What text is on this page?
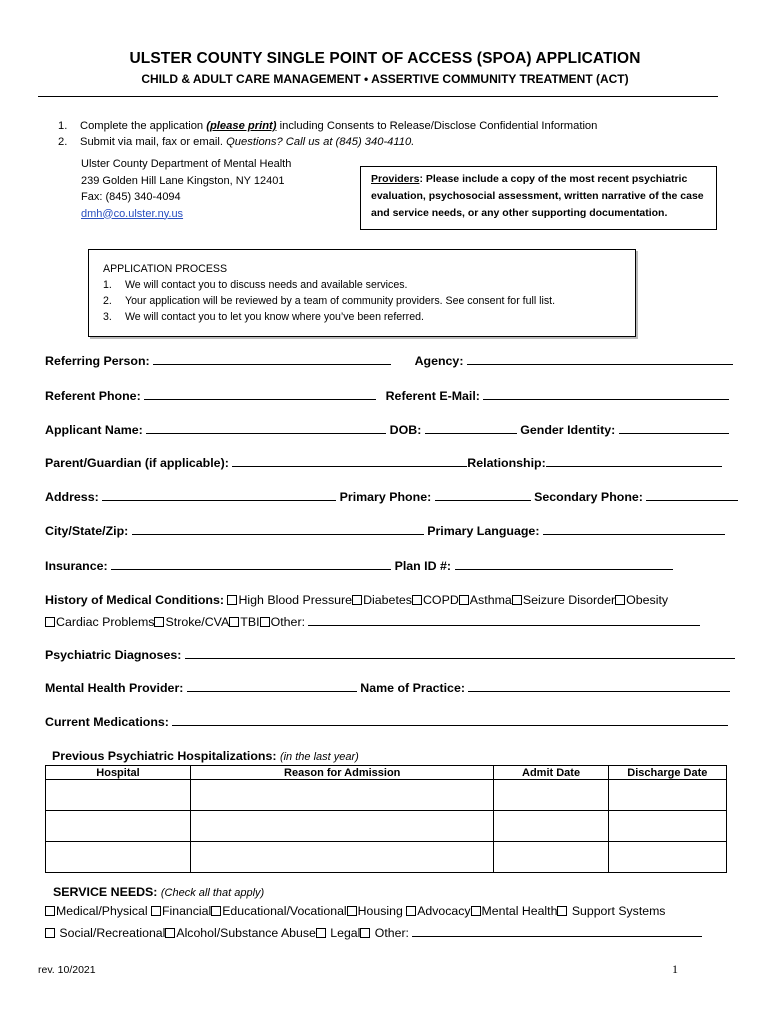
ULSTER COUNTY SINGLE POINT OF ACCESS (SPOA) APPLICATION
CHILD & ADULT CARE MANAGEMENT • ASSERTIVE COMMUNITY TREATMENT (ACT)
1. Complete the application (please print) including Consents to Release/Disclose Confidential Information
2. Submit via mail, fax or email. Questions? Call us at (845) 340-4110.
Ulster County Department of Mental Health
239 Golden Hill Lane Kingston, NY 12401
Fax: (845) 340-4094
dmh@co.ulster.ny.us
Providers: Please include a copy of the most recent psychiatric evaluation, psychosocial assessment, written narrative of the case and service needs, or any other supporting documentation.
APPLICATION PROCESS
1. We will contact you to discuss needs and available services.
2. Your application will be reviewed by a team of community providers. See consent for full list.
3. We will contact you to let you know where you’ve been referred.
Referring Person:	Agency:
Referent Phone:	Referent E-Mail:
Applicant Name:	DOB:	Gender Identity:
Parent/Guardian (if applicable):	Relationship:
Address:	Primary Phone:	Secondary Phone:
City/State/Zip:	Primary Language:
Insurance:	Plan ID #:
History of Medical Conditions: High Blood Pressure Diabetes COPD Asthma Seizure Disorder Obesity
Cardiac Problems Stroke/CVA TBI Other:
Psychiatric Diagnoses:
Mental Health Provider:	Name of Practice:
Current Medications:
Previous Psychiatric Hospitalizations: (in the last year)
Hospital	Reason for Admission	Admit Date	Discharge Date

SERVICE NEEDS: (Check all that apply)
Medical/Physical Financial Educational/Vocational Housing Advocacy Mental Health Support Systems
Social/Recreational Alcohol/Substance Abuse Legal Other:
rev. 10/2021	1
